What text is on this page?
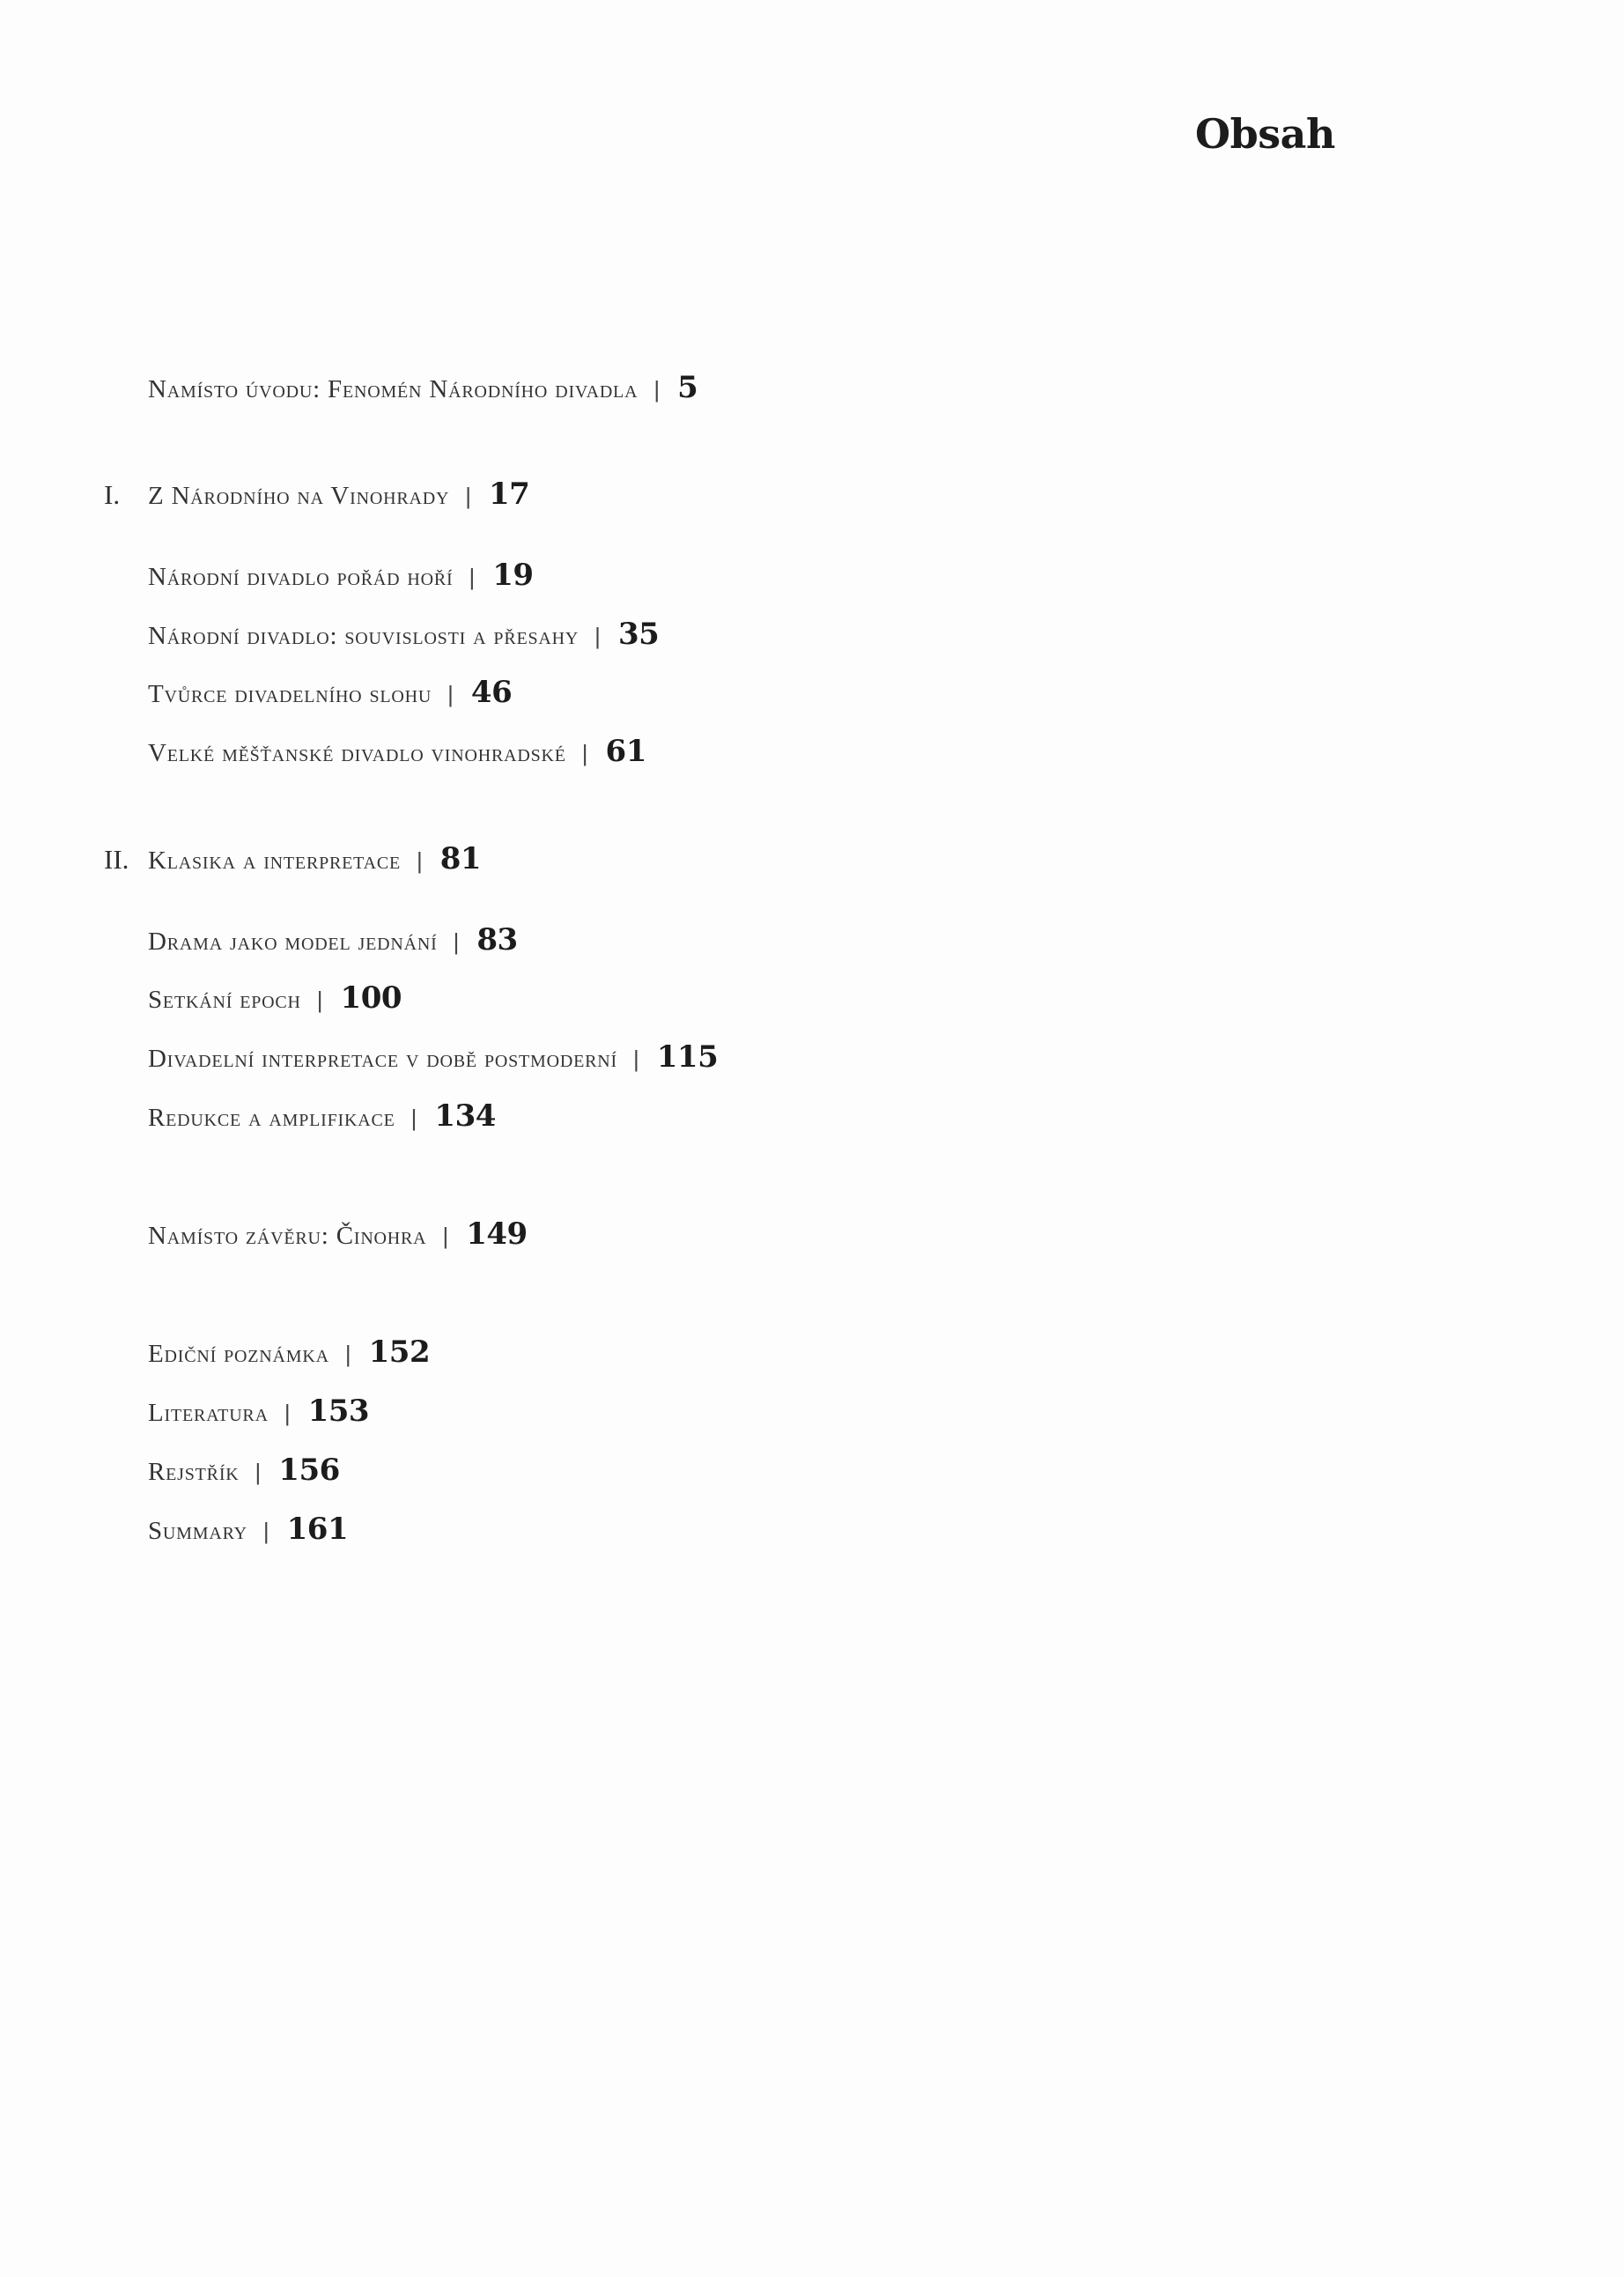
Obsah
Namísto úvodu: Fenomén Národního divadla | 5
I.	Z Národního na Vinohrady | 17
Národní divadlo pořád hoří | 19
Národní divadlo: souvislosti a přesahy | 35
Tvůrce divadelního slohu | 46
Velké měšťanské divadlo vinohradské | 61
II. Klasika a interpretace | 81
Drama jako model jednání | 83
Setkání epoch | 100
Divadelní interpretace v době postmoderní | 115
Redukce a amplifikace | 134
Namísto závěru: Činohra | 149
Ediční poznámka | 152
Literatura | 153
Rejstřík | 156
Summary | 161
